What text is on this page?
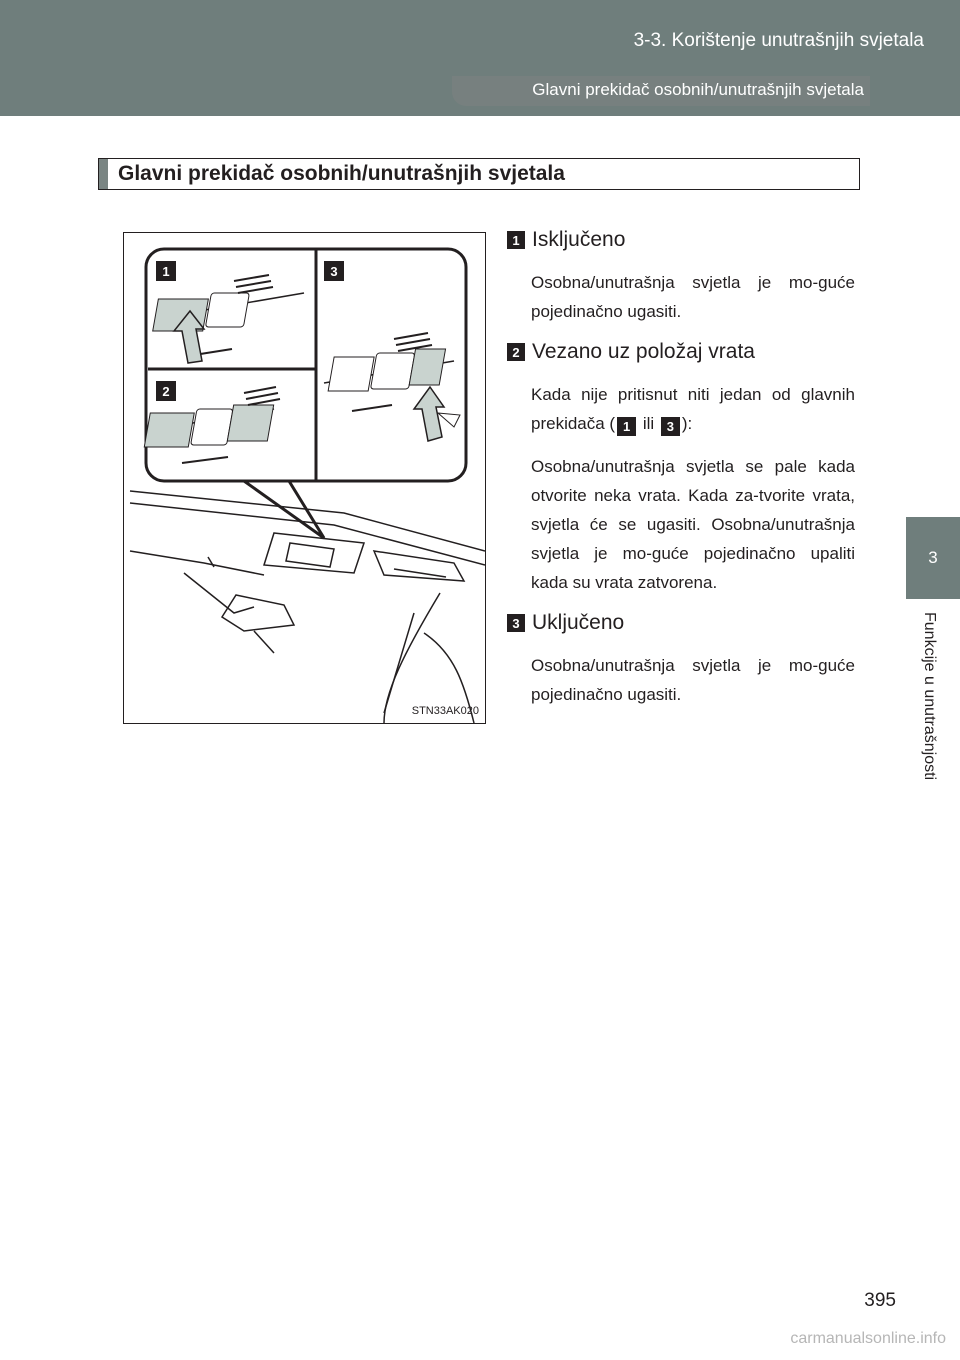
3-3. Korištenje unutrašnjih svjetala
Glavni prekidač osobnih/unutrašnjih svjetala
3
Funkcije u unutrašnjosti
Glavni prekidač osobnih/unutrašnjih svjetala
1	3
2
STN33AK020
1 Isključeno
Osobna/unutrašnja svjetla je mo-guće pojedinačno ugasiti.
2 Vezano uz položaj vrata
Kada nije pritisnut niti jedan od glavnih prekidača ( 1 ili 3 ):
Osobna/unutrašnja svjetla se pale kada otvorite neka vrata. Kada za-tvorite vrata, svjetla će se ugasiti. Osobna/unutrašnja svjetla je mo-guće pojedinačno upaliti kada su vrata zatvorena.
3 Uključeno
Osobna/unutrašnja svjetla je mo-guće pojedinačno ugasiti.
395
carmanualsonline.info
